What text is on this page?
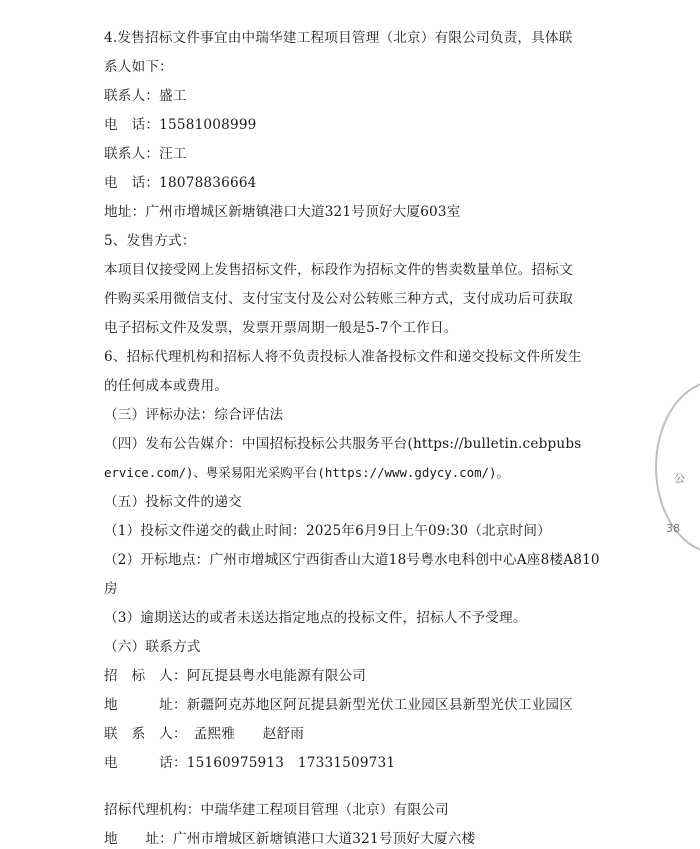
4.发售招标文件事宜由中瑞华建工程项目管理（北京）有限公司负责，具体联
系人如下：
联系人：盛工
电　话：15581008999
联系人：汪工
电　话：18078836664
地址：广州市增城区新塘镇港口大道321号顶好大厦603室
5、发售方式：
本项目仅接受网上发售招标文件，标段作为招标文件的售卖数量单位。招标文
件购买采用微信支付、支付宝支付及公对公转账三种方式，支付成功后可获取
电子招标文件及发票，发票开票周期一般是5-7个工作日。
6、招标代理机构和招标人将不负责投标人准备投标文件和递交投标文件所发生
的任何成本或费用。
（三）评标办法：综合评估法
（四）发布公告媒介：中国招标投标公共服务平台(https://bulletin.cebpubs
ervice.com/)、粤采易阳光采购平台(https://www.gdycy.com/)。
（五）投标文件的递交
（1）投标文件递交的截止时间：2025年6月9日上午09:30（北京时间）
（2）开标地点：广州市增城区宁西街香山大道18号粤水电科创中心A座8楼A810
房
（3）逾期送达的或者未送达指定地点的投标文件，招标人不予受理。
（六）联系方式
招　标　人：阿瓦提县粤水电能源有限公司
地　　　址：新疆阿克苏地区阿瓦提县新型光伏工业园区县新型光伏工业园区
联　系　人：　孟熙雅　　赵舒雨
电　　　话：15160975913　17331509731
招标代理机构：中瑞华建工程项目管理（北京）有限公司
地　　址：广州市增城区新塘镇港口大道321号顶好大厦六楼
公
38
